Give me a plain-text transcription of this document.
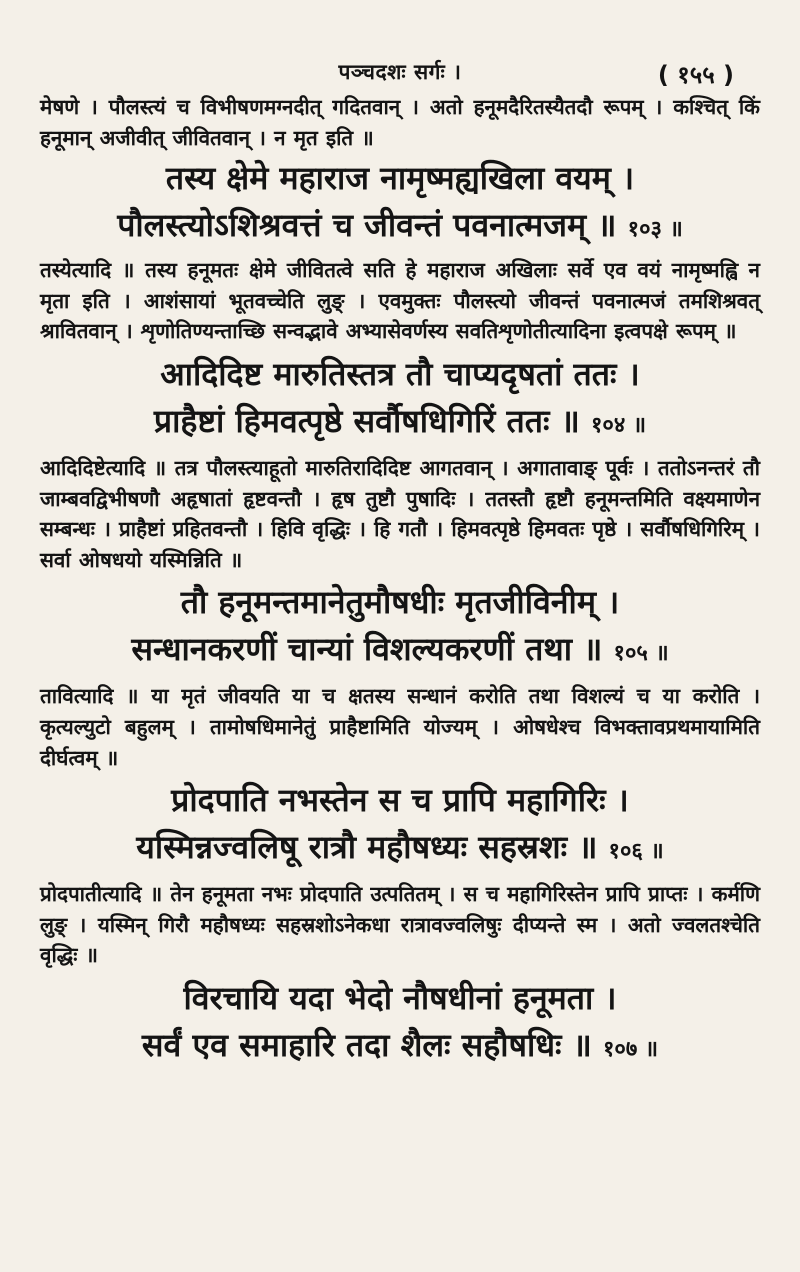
पञ्चदशः सर्गः ।	( १५५ )

मेषणे । पौलस्त्यं च विभीषणमग्नदीत् गदितवान् । अतो हनूमदैरितस्यैतदौ रूपम् । कश्चित् किं हनूमान् अजीवीत् जीवितवान् । न मृत इति ॥

तस्य क्षेमे महाराज नामृष्मह्यखिला वयम् ।

पौलस्त्योऽशिश्रवत्तं च जीवन्तं पवनात्मजम् ॥ १०३ ॥

तस्येत्यादि ॥ तस्य हनूमतः क्षेमे जीवितत्वे सति हे महाराज अखिलाः सर्वे एव वयं नामृष्मह्वि न मृता इति । आशंसायां भूतवच्चेति लुङ् । एवमुक्तः पौलस्त्यो जीवन्तं पवनात्मजं तमशिश्रवत् श्रावितवान् । शृणोतिण्यन्ताच्छि सन्वद्भावे अभ्यासेवर्णस्य सवतिशृणोतीत्यादिना इत्वपक्षे रूपम् ॥

आदिदिष्ट मारुतिस्तत्र तौ चाप्यदृषतां ततः ।

प्राहैष्टां हिमवत्पृष्ठे सर्वौषधिगिरिं ततः ॥ १०४ ॥

आदिदिष्टेत्यादि ॥ तत्र पौलस्त्याहूतो मारुतिरादिदिष्ट आगतवान् । अगातावाङ् पूर्वः । ततोऽनन्तरं तौ जाम्बवद्विभीषणौ अहृषातां हृष्टवन्तौ । हृष तुष्टौ पुषादिः । ततस्तौ हृष्टौ हनूमन्तमिति वक्ष्यमाणेन सम्बन्धः । प्राहैष्टां प्रहितवन्तौ । हिवि वृद्धिः । हि गतौ । हिमवत्पृष्ठे हिमवतः पृष्ठे । सर्वौषधिगिरिम् । सर्वा ओषधयो यस्मिन्निति ॥

तौ हनूमन्तमानेतुमौषधीः मृतजीविनीम् ।

सन्धानकरणीं चान्यां विशल्यकरणीं तथा ॥ १०५ ॥

तावित्यादि ॥ या मृतं जीवयति या च क्षतस्य सन्धानं करोति तथा विशल्यं च या करोति । कृत्यल्युटो बहुलम् । तामोषधिमानेतुं प्राहैष्टामिति योज्यम् । ओषधेश्च विभक्तावप्रथमायामिति दीर्घत्वम् ॥

प्रोदपाति नभस्तेन स च प्रापि महागिरिः ।

यस्मिन्नज्वलिषू रात्रौ महौषध्यः सहस्रशः ॥ १०६ ॥

प्रोदपातीत्यादि ॥ तेन हनूमता नभः प्रोदपाति उत्पतितम् । स च महागिरिस्तेन प्रापि प्राप्तः । कर्मणि लुङ् । यस्मिन् गिरौ महौषध्यः सहस्रशोऽनेकधा रात्रावज्वलिषुः दीप्यन्ते स्म । अतो ज्वलतश्चेति वृद्धिः ॥

विरचायि यदा भेदो नौषधीनां हनूमता ।

सर्वं एव समाहारि तदा शैलः सहौषधिः ॥ १०७ ॥
